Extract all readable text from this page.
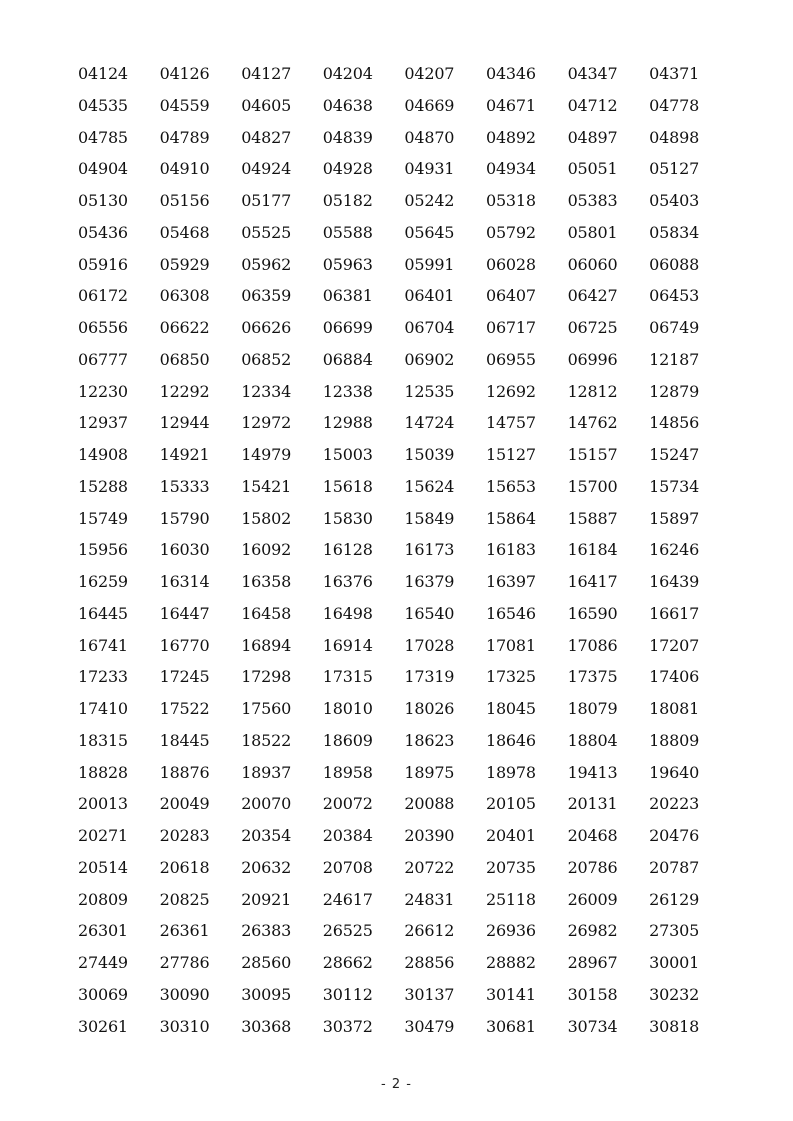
04124 04126 04127 04204 04207 04346 04347 04371
04535 04559 04605 04638 04669 04671 04712 04778
04785 04789 04827 04839 04870 04892 04897 04898
04904 04910 04924 04928 04931 04934 05051 05127
05130 05156 05177 05182 05242 05318 05383 05403
05436 05468 05525 05588 05645 05792 05801 05834
05916 05929 05962 05963 05991 06028 06060 06088
06172 06308 06359 06381 06401 06407 06427 06453
06556 06622 06626 06699 06704 06717 06725 06749
06777 06850 06852 06884 06902 06955 06996 12187
12230 12292 12334 12338 12535 12692 12812 12879
12937 12944 12972 12988 14724 14757 14762 14856
14908 14921 14979 15003 15039 15127 15157 15247
15288 15333 15421 15618 15624 15653 15700 15734
15749 15790 15802 15830 15849 15864 15887 15897
15956 16030 16092 16128 16173 16183 16184 16246
16259 16314 16358 16376 16379 16397 16417 16439
16445 16447 16458 16498 16540 16546 16590 16617
16741 16770 16894 16914 17028 17081 17086 17207
17233 17245 17298 17315 17319 17325 17375 17406
17410 17522 17560 18010 18026 18045 18079 18081
18315 18445 18522 18609 18623 18646 18804 18809
18828 18876 18937 18958 18975 18978 19413 19640
20013 20049 20070 20072 20088 20105 20131 20223
20271 20283 20354 20384 20390 20401 20468 20476
20514 20618 20632 20708 20722 20735 20786 20787
20809 20825 20921 24617 24831 25118 26009 26129
26301 26361 26383 26525 26612 26936 26982 27305
27449 27786 28560 28662 28856 28882 28967 30001
30069 30090 30095 30112 30137 30141 30158 30232
30261 30310 30368 30372 30479 30681 30734 30818
- 2 -
